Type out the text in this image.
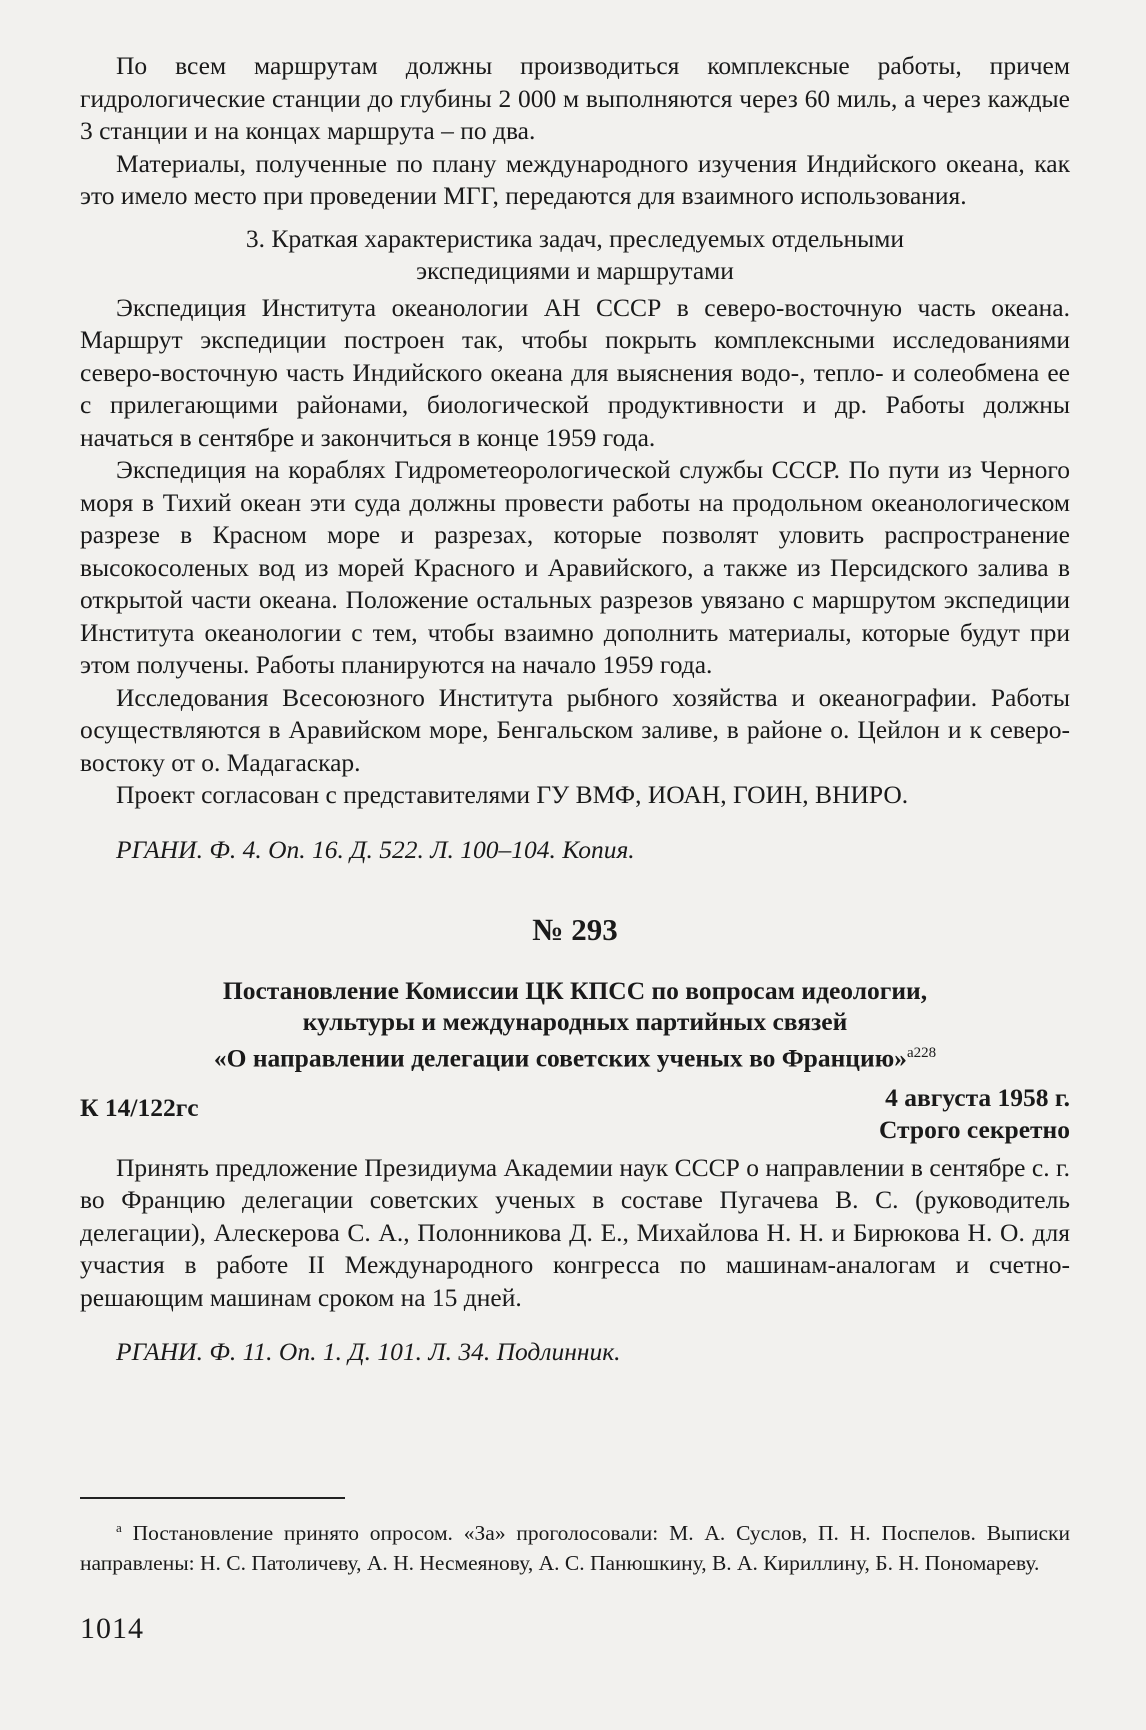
По всем маршрутам должны производиться комплексные работы, причем гидрологические станции до глубины 2 000 м выполняются через 60 миль, а через каждые 3 станции и на концах маршрута – по два.

Материалы, полученные по плану международного изучения Индийского океана, как это имело место при проведении МГГ, передаются для взаимного использования.

3. Краткая характеристика задач, преследуемых отдельными
экспедициями и маршрутами

Экспедиция Института океанологии АН СССР в северо-восточную часть океана. Маршрут экспедиции построен так, чтобы покрыть комплексными исследованиями северо-восточную часть Индийского океана для выяснения водо-, тепло- и солеобмена ее с прилегающими районами, биологической продуктивности и др. Работы должны начаться в сентябре и закончиться в конце 1959 года.

Экспедиция на кораблях Гидрометеорологической службы СССР. По пути из Черного моря в Тихий океан эти суда должны провести работы на продольном океанологическом разрезе в Красном море и разрезах, которые позволят уловить распространение высокосоленых вод из морей Красного и Аравийского, а также из Персидского залива в открытой части океана. Положение остальных разрезов увязано с маршрутом экспедиции Института океанологии с тем, чтобы взаимно дополнить материалы, которые будут при этом получены. Работы планируются на начало 1959 года.

Исследования Всесоюзного Института рыбного хозяйства и океанографии. Работы осуществляются в Аравийском море, Бенгальском заливе, в районе о. Цейлон и к северо-востоку от о. Мадагаскар.

Проект согласован с представителями ГУ ВМФ, ИОАН, ГОИН, ВНИРО.

РГАНИ. Ф. 4. Оп. 16. Д. 522. Л. 100–104. Копия.

№ 293

Постановление Комиссии ЦК КПСС по вопросам идеологии,
культуры и международных партийных связей
«О направлении делегации советских ученых во Францию»$^{а228}$
К 14/122гс	4 августа 1958 г.
Строго секретно

Принять предложение Президиума Академии наук СССР о направлении в сентябре с. г. во Францию делегации советских ученых в составе Пугачева В. С. (руководитель делегации), Алескерова С. А., Полонникова Д. Е., Михайлова Н. Н. и Бирюкова Н. О. для участия в работе II Международного конгресса по машинам-аналогам и счетно-решающим машинам сроком на 15 дней.

РГАНИ. Ф. 11. Оп. 1. Д. 101. Л. 34. Подлинник.

$^а$ Постановление принято опросом. «За» проголосовали: М. А. Суслов, П. Н. Поспелов. Выписки направлены: Н. С. Патоличеву, А. Н. Несмеянову, А. С. Панюшкину, В. А. Кириллину, Б. Н. Пономареву.
1014
